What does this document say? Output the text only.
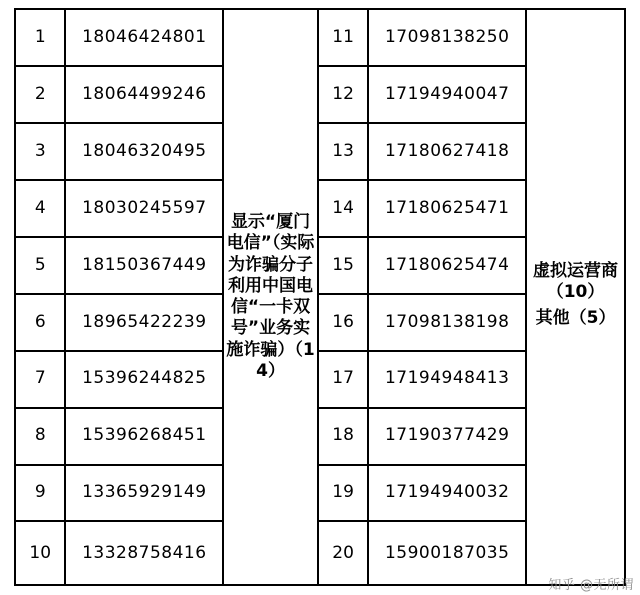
1	18046424801	显示“厦门电信”（实际为诈骗分子利用中国电信“一卡双号”业务实施诈骗）（14）	11	17098138250	虚拟运营商（10）
其他（5）

2	18064499246		12	17194940047	
3	18046320495		13	17180627418	
4	18030245597		14	17180625471	
5	18150367449		15	17180625474	
6	18965422239		16	17098138198	
7	15396244825		17	17194948413	
8	15396268451		18	17190377429	
9	13365929149		19	17194940032	
10	13328758416		20	15900187035	
知乎 @无所谓
